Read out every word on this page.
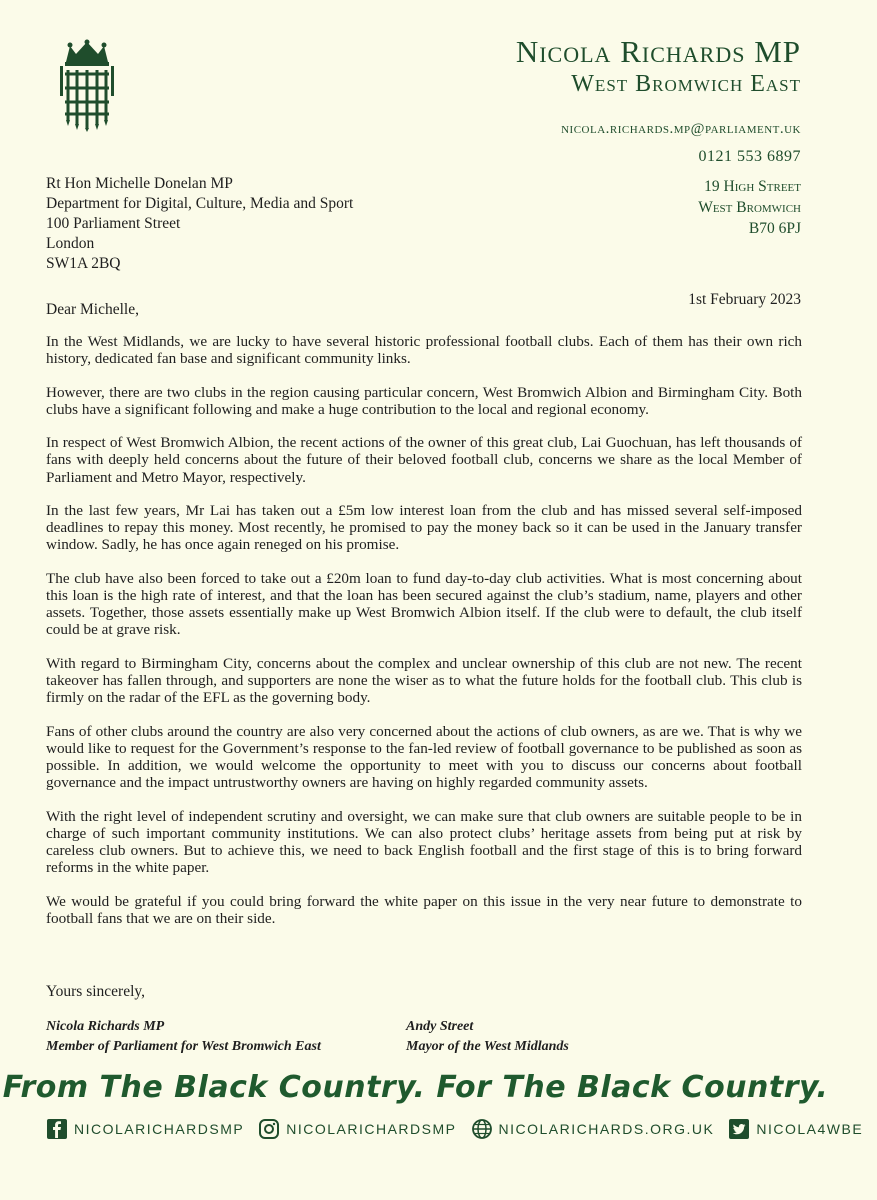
Nicola Richards MP
West Bromwich East
nicola.richards.mp@parliament.uk
0121 553 6897
19 High Street
West Bromwich
B70 6PJ
Rt Hon Michelle Donelan MP
Department for Digital, Culture, Media and Sport
100 Parliament Street
London
SW1A 2BQ
1st February 2023
Dear Michelle,

In the West Midlands, we are lucky to have several historic professional football clubs. Each of them has their own rich history, dedicated fan base and significant community links.

However, there are two clubs in the region causing particular concern, West Bromwich Albion and Birmingham City. Both clubs have a significant following and make a huge contribution to the local and regional economy.

In respect of West Bromwich Albion, the recent actions of the owner of this great club, Lai Guochuan, has left thousands of fans with deeply held concerns about the future of their beloved football club, concerns we share as the local Member of Parliament and Metro Mayor, respectively.

In the last few years, Mr Lai has taken out a £5m low interest loan from the club and has missed several self-imposed deadlines to repay this money. Most recently, he promised to pay the money back so it can be used in the January transfer window. Sadly, he has once again reneged on his promise.

The club have also been forced to take out a £20m loan to fund day-to-day club activities. What is most concerning about this loan is the high rate of interest, and that the loan has been secured against the club’s stadium, name, players and other assets. Together, those assets essentially make up West Bromwich Albion itself. If the club were to default, the club itself could be at grave risk.

With regard to Birmingham City, concerns about the complex and unclear ownership of this club are not new. The recent takeover has fallen through, and supporters are none the wiser as to what the future holds for the football club. This club is firmly on the radar of the EFL as the governing body.

Fans of other clubs around the country are also very concerned about the actions of club owners, as are we. That is why we would like to request for the Government’s response to the fan-led review of football governance to be published as soon as possible. In addition, we would welcome the opportunity to meet with you to discuss our concerns about football governance and the impact untrustworthy owners are having on highly regarded community assets.

With the right level of independent scrutiny and oversight, we can make sure that club owners are suitable people to be in charge of such important community institutions. We can also protect clubs’ heritage assets from being put at risk by careless club owners. But to achieve this, we need to back English football and the first stage of this is to bring forward reforms in the white paper.

We would be grateful if you could bring forward the white paper on this issue in the very near future to demonstrate to football fans that we are on their side.

Yours sincerely,
Nicola Richards MP
Member of Parliament for West Bromwich East
Andy Street
Mayor of the West Midlands
From The Black Country. For The Black Country.
NICOLARICHARDSMP	NICOLARICHARDSMP	NICOLARICHARDS.ORG.UK	NICOLA4WBE
